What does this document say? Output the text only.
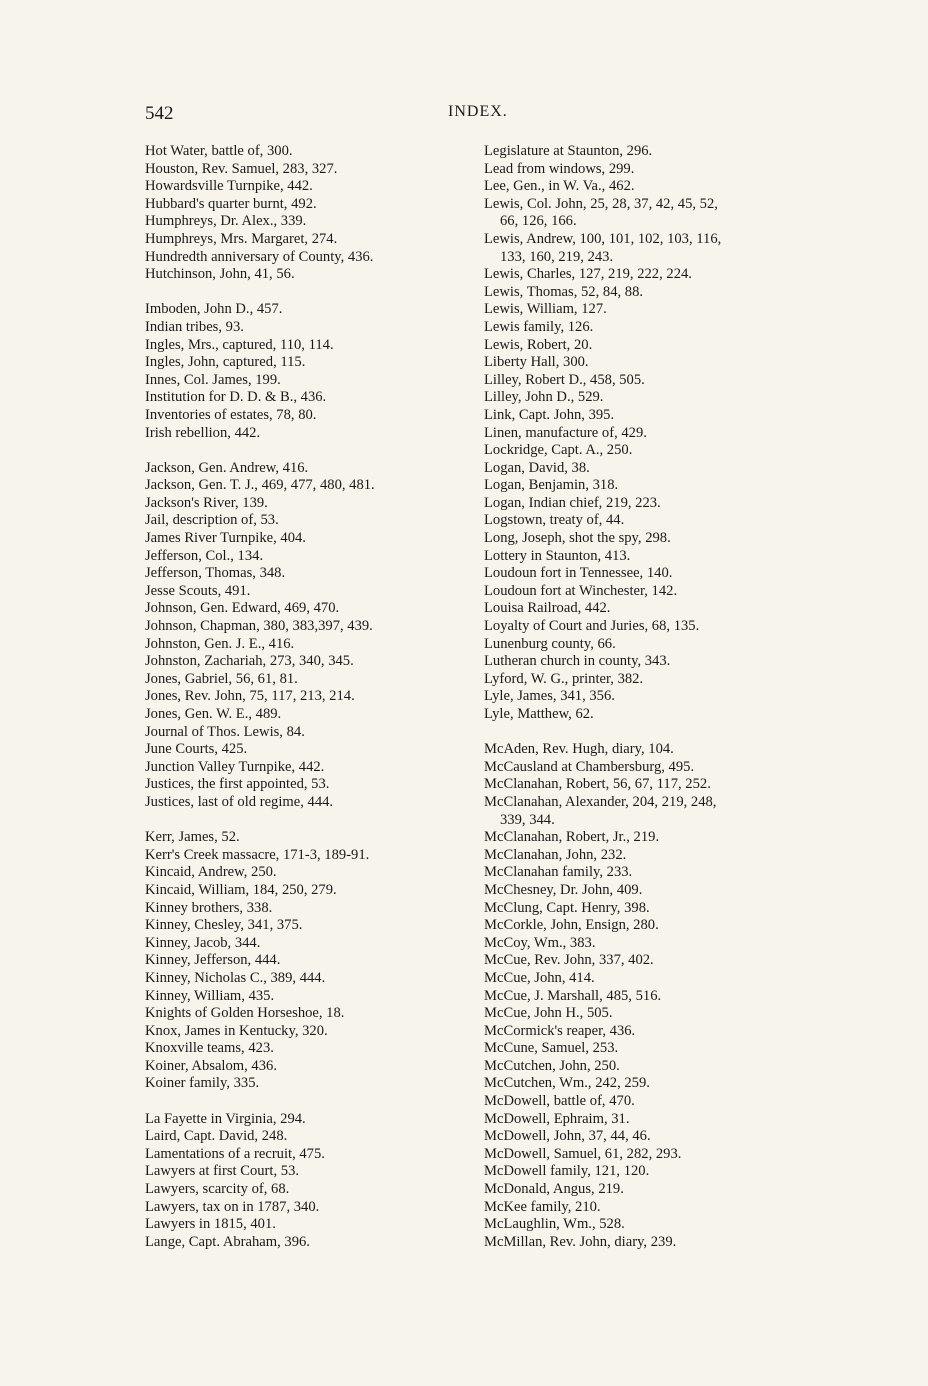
542	INDEX.
Hot Water, battle of, 300.
Houston, Rev. Samuel, 283, 327.
Howardsville Turnpike, 442.
Hubbard's quarter burnt, 492.
Humphreys, Dr. Alex., 339.
Humphreys, Mrs. Margaret, 274.
Hundredth anniversary of County, 436.
Hutchinson, John, 41, 56.
Imboden, John D., 457.
Indian tribes, 93.
Ingles, Mrs., captured, 110, 114.
Ingles, John, captured, 115.
Innes, Col. James, 199.
Institution for D. D. & B., 436.
Inventories of estates, 78, 80.
Irish rebellion, 442.
Jackson, Gen. Andrew, 416.
Jackson, Gen. T. J., 469, 477, 480, 481.
Jackson's River, 139.
Jail, description of, 53.
James River Turnpike, 404.
Jefferson, Col., 134.
Jefferson, Thomas, 348.
Jesse Scouts, 491.
Johnson, Gen. Edward, 469, 470.
Johnson, Chapman, 380, 383,397, 439.
Johnston, Gen. J. E., 416.
Johnston, Zachariah, 273, 340, 345.
Jones, Gabriel, 56, 61, 81.
Jones, Rev. John, 75, 117, 213, 214.
Jones, Gen. W. E., 489.
Journal of Thos. Lewis, 84.
June Courts, 425.
Junction Valley Turnpike, 442.
Justices, the first appointed, 53.
Justices, last of old regime, 444.
Kerr, James, 52.
Kerr's Creek massacre, 171-3, 189-91.
Kincaid, Andrew, 250.
Kincaid, William, 184, 250, 279.
Kinney brothers, 338.
Kinney, Chesley, 341, 375.
Kinney, Jacob, 344.
Kinney, Jefferson, 444.
Kinney, Nicholas C., 389, 444.
Kinney, William, 435.
Knights of Golden Horseshoe, 18.
Knox, James in Kentucky, 320.
Knoxville teams, 423.
Koiner, Absalom, 436.
Koiner family, 335.
La Fayette in Virginia, 294.
Laird, Capt. David, 248.
Lamentations of a recruit, 475.
Lawyers at first Court, 53.
Lawyers, scarcity of, 68.
Lawyers, tax on in 1787, 340.
Lawyers in 1815, 401.
Lange, Capt. Abraham, 396.
Legislature at Staunton, 296.
Lead from windows, 299.
Lee, Gen., in W. Va., 462.
Lewis, Col. John, 25, 28, 37, 42, 45, 52,
66, 126, 166.
Lewis, Andrew, 100, 101, 102, 103, 116,
133, 160, 219, 243.
Lewis, Charles, 127, 219, 222, 224.
Lewis, Thomas, 52, 84, 88.
Lewis, William, 127.
Lewis family, 126.
Lewis, Robert, 20.
Liberty Hall, 300.
Lilley, Robert D., 458, 505.
Lilley, John D., 529.
Link, Capt. John, 395.
Linen, manufacture of, 429.
Lockridge, Capt. A., 250.
Logan, David, 38.
Logan, Benjamin, 318.
Logan, Indian chief, 219, 223.
Logstown, treaty of, 44.
Long, Joseph, shot the spy, 298.
Lottery in Staunton, 413.
Loudoun fort in Tennessee, 140.
Loudoun fort at Winchester, 142.
Louisa Railroad, 442.
Loyalty of Court and Juries, 68, 135.
Lunenburg county, 66.
Lutheran church in county, 343.
Lyford, W. G., printer, 382.
Lyle, James, 341, 356.
Lyle, Matthew, 62.
McAden, Rev. Hugh, diary, 104.
McCausland at Chambersburg, 495.
McClanahan, Robert, 56, 67, 117, 252.
McClanahan, Alexander, 204, 219, 248,
339, 344.
McClanahan, Robert, Jr., 219.
McClanahan, John, 232.
McClanahan family, 233.
McChesney, Dr. John, 409.
McClung, Capt. Henry, 398.
McCorkle, John, Ensign, 280.
McCoy, Wm., 383.
McCue, Rev. John, 337, 402.
McCue, John, 414.
McCue, J. Marshall, 485, 516.
McCue, John H., 505.
McCormick's reaper, 436.
McCune, Samuel, 253.
McCutchen, John, 250.
McCutchen, Wm., 242, 259.
McDowell, battle of, 470.
McDowell, Ephraim, 31.
McDowell, John, 37, 44, 46.
McDowell, Samuel, 61, 282, 293.
McDowell family, 121, 120.
McDonald, Angus, 219.
McKee family, 210.
McLaughlin, Wm., 528.
McMillan, Rev. John, diary, 239.
